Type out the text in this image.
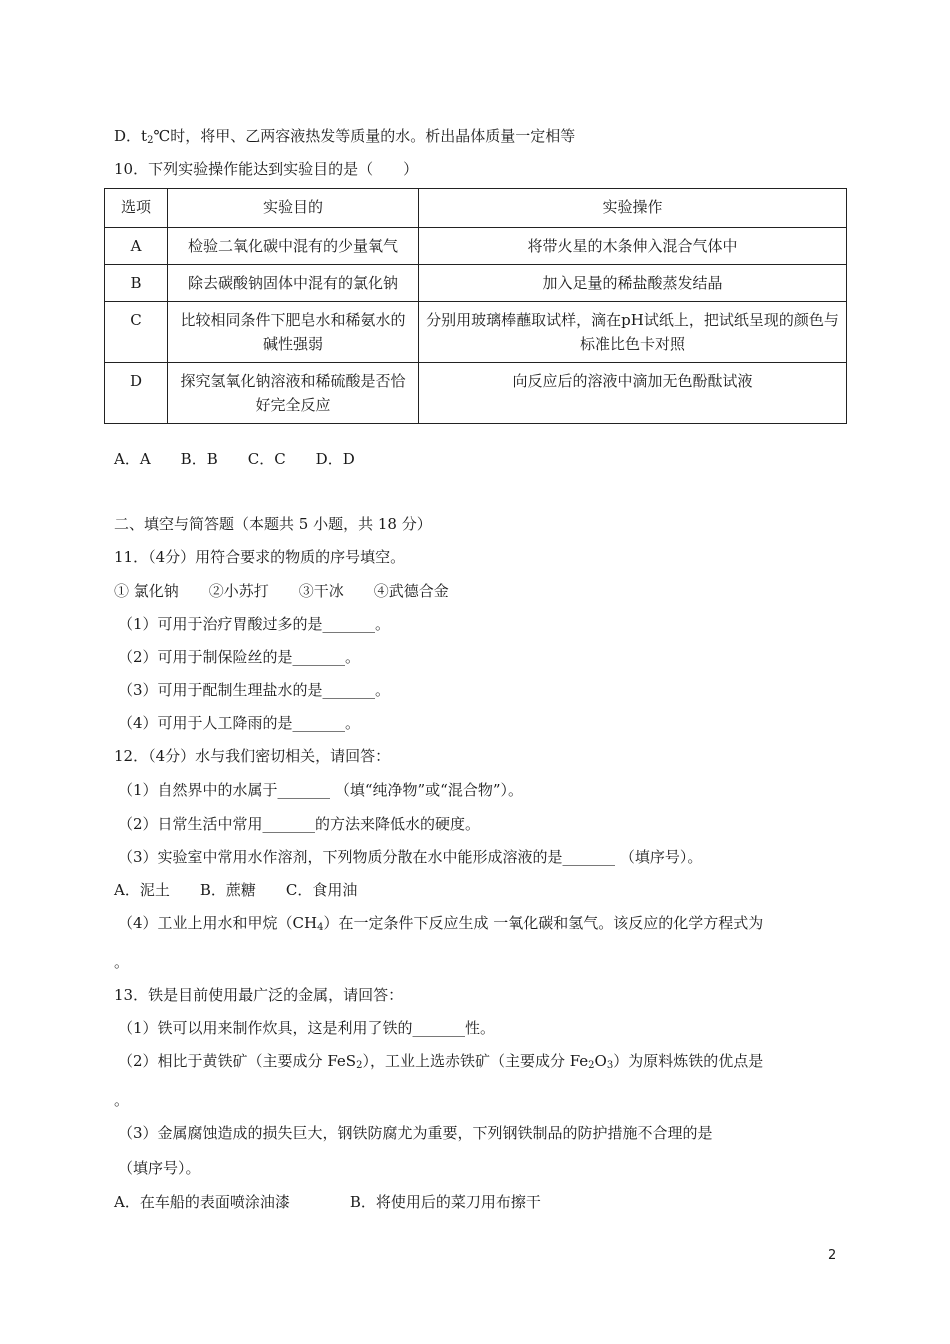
D．$t_2℃$时，将甲、乙两容液热发等质量的水。析出晶体质量一定相等
10．下列实验操作能达到实验目的是（　　）
选项	实验目的	实验操作
A	检验二氧化碳中混有的少量氧气	将带火星的木条伸入混合气体中
B	除去碳酸钠固体中混有的氯化钠	加入足量的稀盐酸蒸发结晶
C	比较相同条件下肥皂水和稀氨水的碱性强弱	分别用玻璃棒蘸取试样，滴在pH试纸上，把试纸呈现的颜色与标准比色卡对照
D	探究氢氧化钠溶液和稀硫酸是否恰好完全反应	向反应后的溶液中滴加无色酚酞试液
A．A　　B．B　　C．C　　D．D
二、填空与简答题（本题共 5 小题，共 18 分）
11．（4分）用符合要求的物质的序号填空。
① 氯化钠　　②小苏打　　③干冰　　④武德合金
（1）可用于治疗胃酸过多的是_______。
（2）可用于制保险丝的是_______。
（3）可用于配制生理盐水的是_______。
（4）可用于人工降雨的是_______。
12．（4分）水与我们密切相关，请回答：
（1）自然界中的水属于_______ （填“纯净物”或“混合物”）。
（2）日常生活中常用_______的方法来降低水的硬度。
（3）实验室中常用水作溶剂，下列物质分散在水中能形成溶液的是_______ （填序号）。
A．泥土　　B．蔗糖　　C．食用油
（4）工业上用水和甲烷$(CH_4)$在一定条件下反应生成 一氧化碳和氢气。该反应的化学方程式为
。
13．铁是目前使用最广泛的金属，请回答：
（1）铁可以用来制作炊具，这是利用了铁的_______性。
（2）相比于黄铁矿（主要成分 FeS$_2$），工业上选赤铁矿（主要成分 $Fe_2O_3$）为原料炼铁的优点是
。
（3）金属腐蚀造成的损失巨大，钢铁防腐尤为重要，下列钢铁制品的防护措施不合理的是
（填序号）。
A．在车船的表面喷涂油漆　　　　B．将使用后的菜刀用布擦干
2
